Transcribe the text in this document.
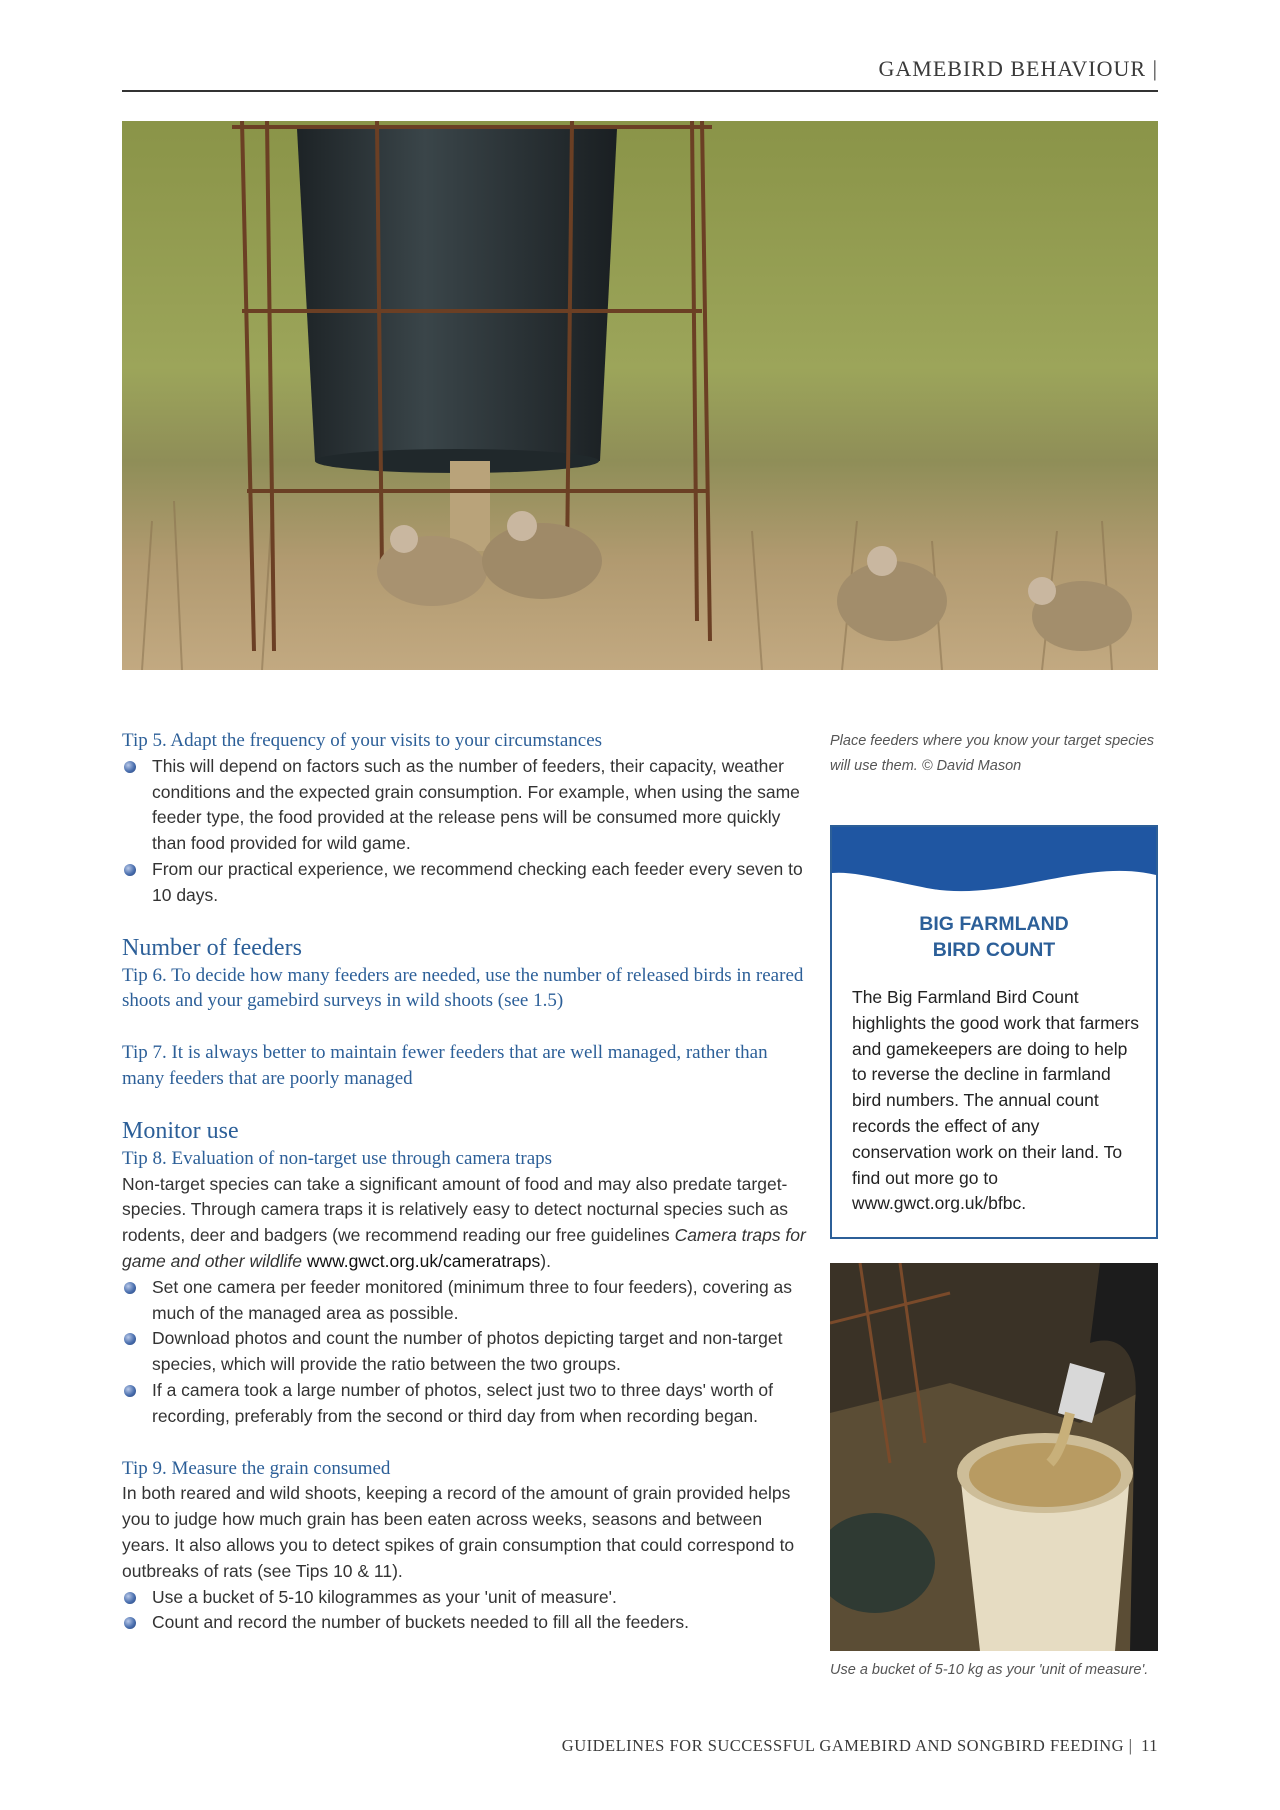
GAMEBIRD BEHAVIOUR |
Tip 5. Adapt the frequency of your visits to your circumstances
This will depend on factors such as the number of feeders, their capacity, weather conditions and the expected grain consumption. For example, when using the same feeder type, the food provided at the release pens will be consumed more quickly than food provided for wild game.
From our practical experience, we recommend checking each feeder every seven to 10 days.
Number of feeders
Tip 6. To decide how many feeders are needed, use the number of released birds in reared shoots and your gamebird surveys in wild shoots (see 1.5)
Tip 7. It is always better to maintain fewer feeders that are well managed, rather than many feeders that are poorly managed
Monitor use
Tip 8. Evaluation of non-target use through camera traps
Non-target species can take a significant amount of food and may also predate target-species. Through camera traps it is relatively easy to detect nocturnal species such as rodents, deer and badgers (we recommend reading our free guidelines Camera traps for game and other wildlife www.gwct.org.uk/cameratraps).
Set one camera per feeder monitored (minimum three to four feeders), covering as much of the managed area as possible.
Download photos and count the number of photos depicting target and non-target species, which will provide the ratio between the two groups.
If a camera took a large number of photos, select just two to three days' worth of recording, preferably from the second or third day from when recording began.
Tip 9. Measure the grain consumed
In both reared and wild shoots, keeping a record of the amount of grain provided helps you to judge how much grain has been eaten across weeks, seasons and between years. It also allows you to detect spikes of grain consumption that could correspond to outbreaks of rats (see Tips 10 & 11).
Use a bucket of 5-10 kilogrammes as your 'unit of measure'.
Count and record the number of buckets needed to fill all the feeders.
Place feeders where you know your target species will use them. © David Mason
BIG FARMLAND
BIRD COUNT
The Big Farmland Bird Count highlights the good work that farmers and gamekeepers are doing to help to reverse the decline in farmland bird numbers. The annual count records the effect of any conservation work on their land. To find out more go to www.gwct.org.uk/bfbc.
Use a bucket of 5-10 kg as your 'unit of measure'.
GUIDELINES FOR SUCCESSFUL GAMEBIRD AND SONGBIRD FEEDING | 11
